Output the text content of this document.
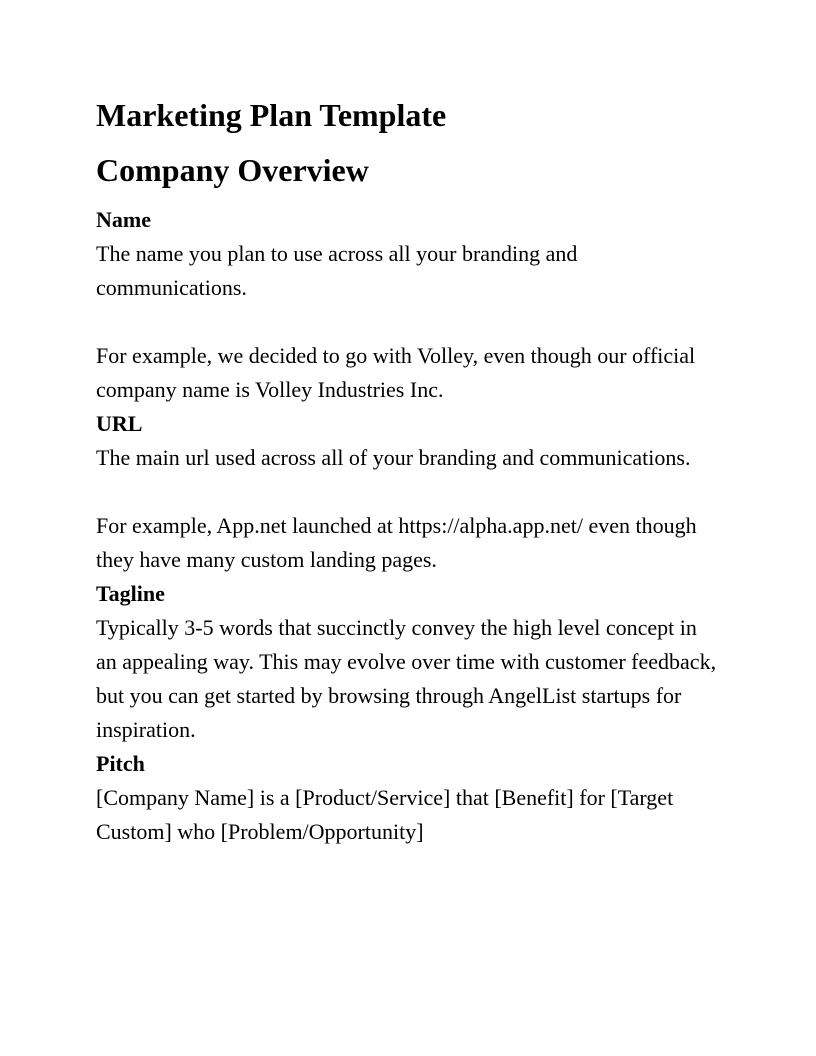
Marketing Plan Template
Company Overview
Name

The name you plan to use across all your branding and communications.

For example, we decided to go with Volley, even though our official company name is Volley Industries Inc.

URL

The main url used across all of your branding and communications.

For example, App.net launched at https://alpha.app.net/ even though they have many custom landing pages.

Tagline

Typically 3-5 words that succinctly convey the high level concept in an appealing way. This may evolve over time with customer feedback, but you can get started by browsing through AngelList startups for inspiration.

Pitch

[Company Name] is a [Product/Service] that [Benefit] for [Target Custom] who [Problem/Opportunity]
